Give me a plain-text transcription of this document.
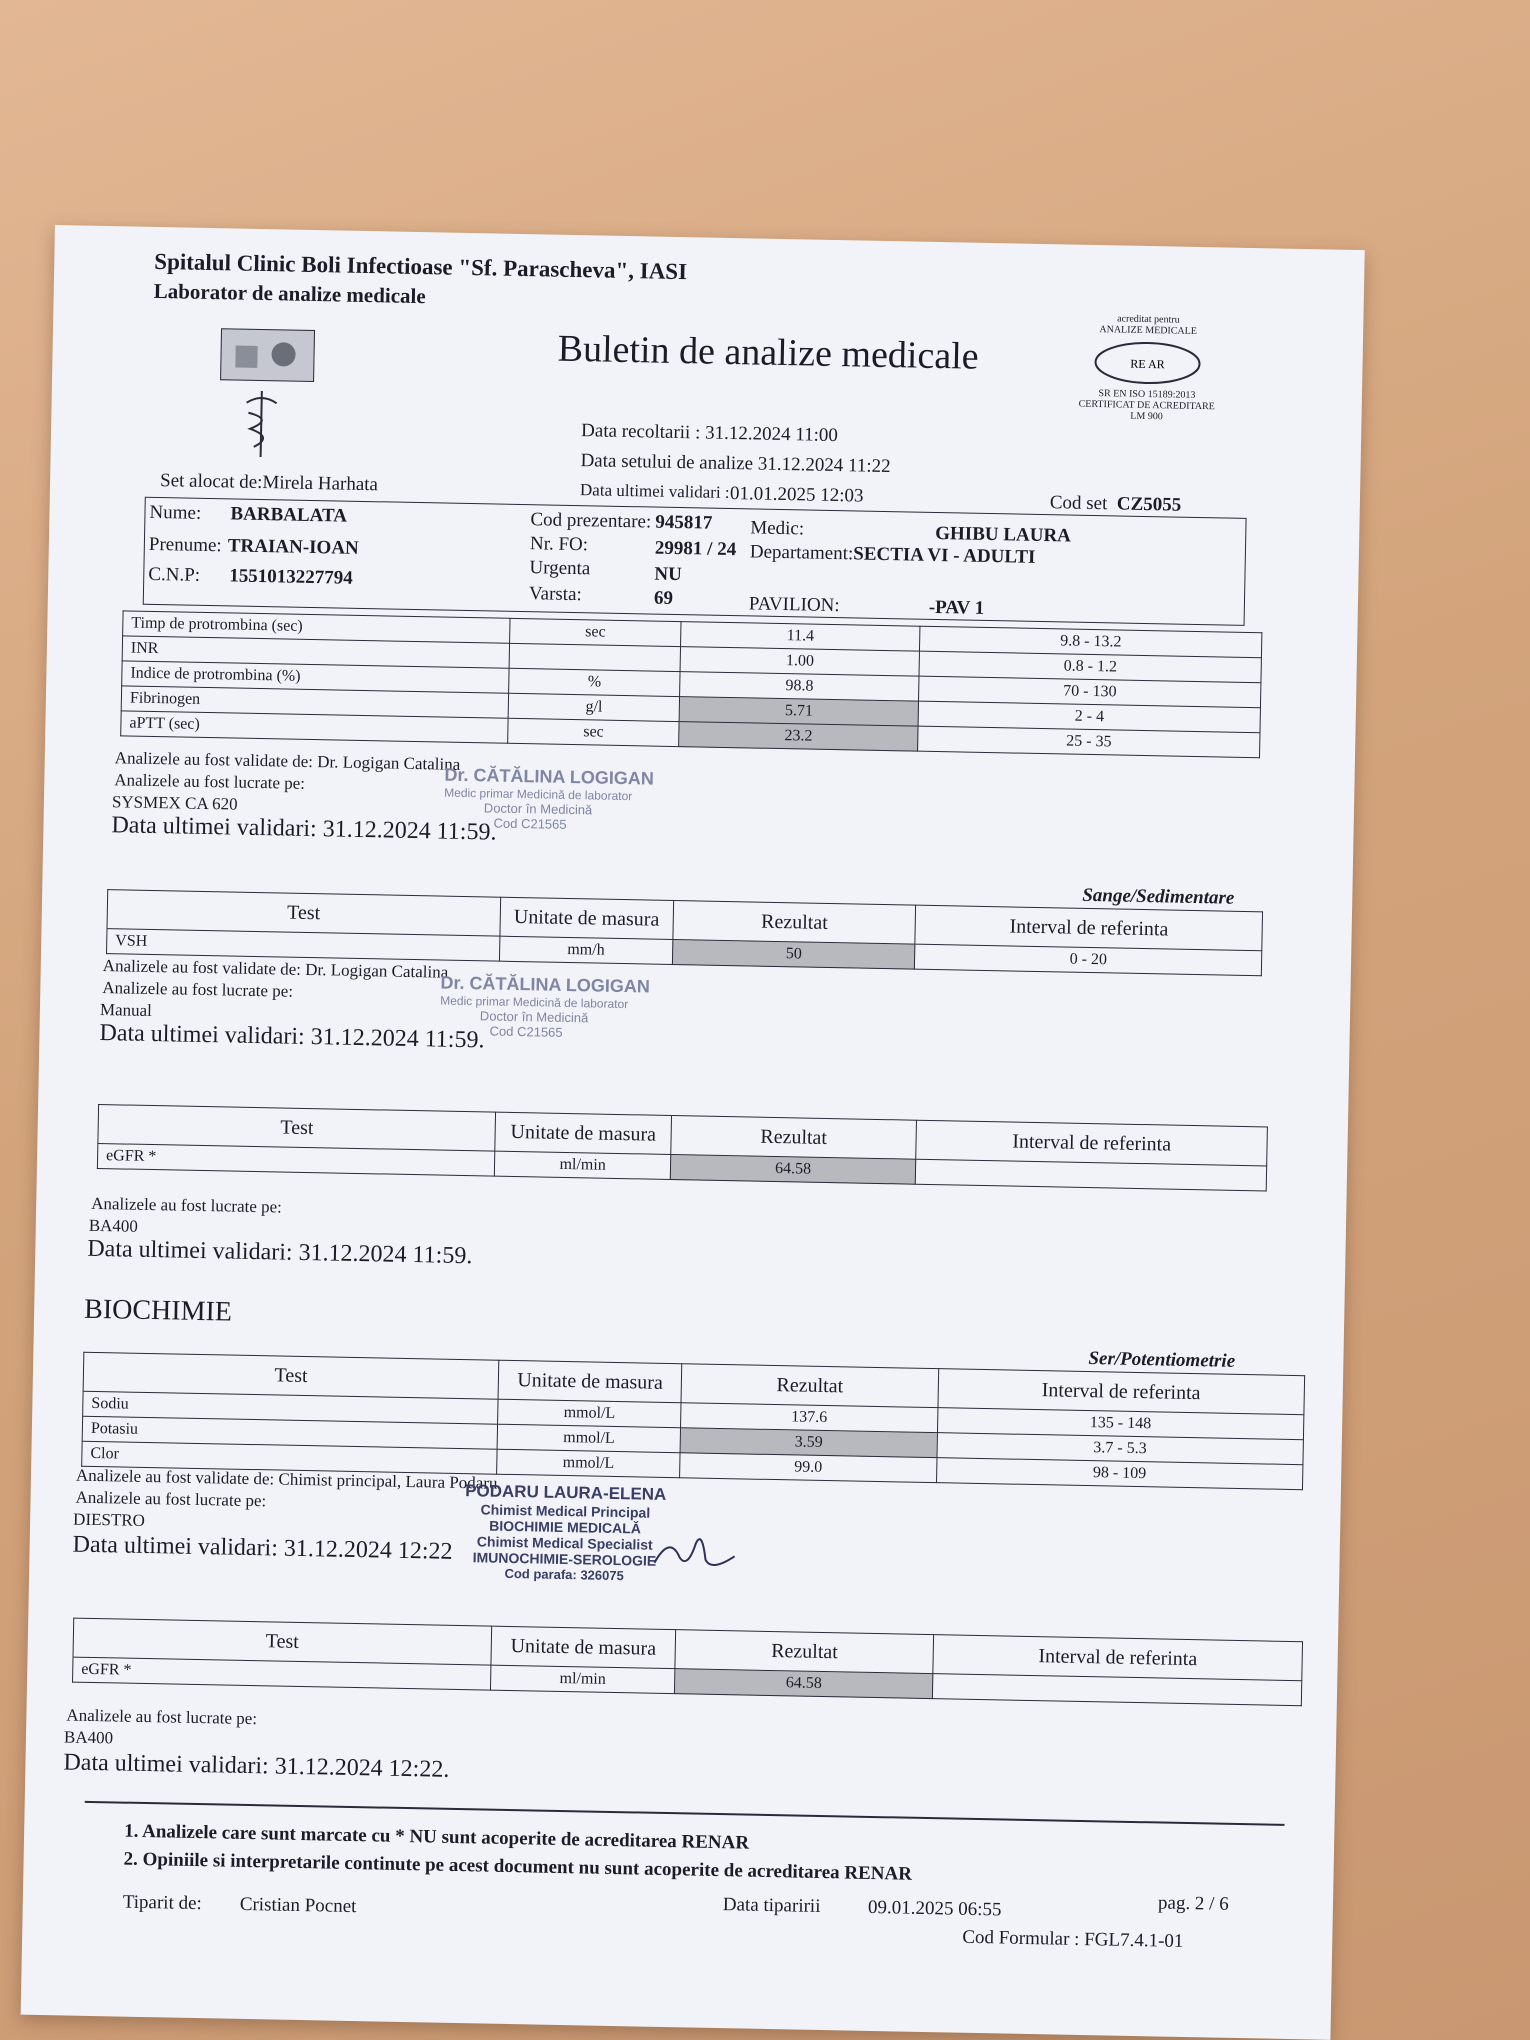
Spitalul Clinic Boli Infectioase "Sf. Parascheva", IASI
Laborator de analize medicale
Buletin de analize medicale
acreditat pentru
ANALIZE MEDICALE
RE AR
SR EN ISO 15189:2013
CERTIFICAT DE ACREDITARE
LM 900
Data recoltarii : 31.12.2024 11:00
Data setului de analize 31.12.2024 11:22
Data ultimei validari : 01.01.2025 12:03
Set alocat de:Mirela Harhata
Cod set CZ5055
Nume: BARBALATA
Prenume: TRAIAN-IOAN
C.N.P: 1551013227794
Cod prezentare: 945817
Nr. FO:	29981 / 24
Urgenta	NU
Varsta:	69
Medic:	GHIBU LAURA
Departament:SECTIA VI - ADULTI
PAVILION:	-PAV 1
Timp de protrombina (sec)	sec	11.4	9.8 - 13.2
INR		1.00	0.8 - 1.2
Indice de protrombina (%)	%	98.8	70 - 130
Fibrinogen	g/l	5.71	2 - 4
aPTT (sec)	sec	23.2	25 - 35
Analizele au fost validate de: Dr. Logigan Catalina
Analizele au fost lucrate pe:
SYSMEX CA 620
Data ultimei validari: 31.12.2024 11:59.
Dr. CĂTĂLINA LOGIGAN
Medic primar Medicină de laborator
Doctor în Medicină
Cod C21565
Sange/Sedimentare
Test	Unitate de masura	Rezultat	Interval de referinta
VSH	mm/h	50	0 - 20
Analizele au fost validate de: Dr. Logigan Catalina
Analizele au fost lucrate pe:
Manual
Data ultimei validari: 31.12.2024 11:59.
Dr. CĂTĂLINA LOGIGAN
Medic primar Medicină de laborator
Doctor în Medicină
Cod C21565
Test	Unitate de masura	Rezultat	Interval de referinta
eGFR *	ml/min	64.58	
Analizele au fost lucrate pe:
BA400
Data ultimei validari: 31.12.2024 11:59.
BIOCHIMIE
Ser/Potentiometrie
Test	Unitate de masura	Rezultat	Interval de referinta
Sodiu	mmol/L	137.6	135 - 148
Potasiu	mmol/L	3.59	3.7 - 5.3
Clor	mmol/L	99.0	98 - 109
Analizele au fost validate de: Chimist principal, Laura Podaru
Analizele au fost lucrate pe:
DIESTRO
Data ultimei validari: 31.12.2024 12:22
PODARU LAURA-ELENA
Chimist Medical Principal
BIOCHIMIE MEDICALĂ
Chimist Medical Specialist
IMUNOCHIMIE-SEROLOGIE
Cod parafa: 326075
Test	Unitate de masura	Rezultat	Interval de referinta
eGFR *	ml/min	64.58	
Analizele au fost lucrate pe:
BA400
Data ultimei validari: 31.12.2024 12:22.
1. Analizele care sunt marcate cu * NU sunt acoperite de acreditarea RENAR
2. Opiniile si interpretarile continute pe acest document nu sunt acoperite de acreditarea RENAR
Data tiparirii 09.01.2025 06:55	pag. 2 / 6
Tiparit de: Cristian Pocnet
Cod Formular : FGL7.4.1-01
